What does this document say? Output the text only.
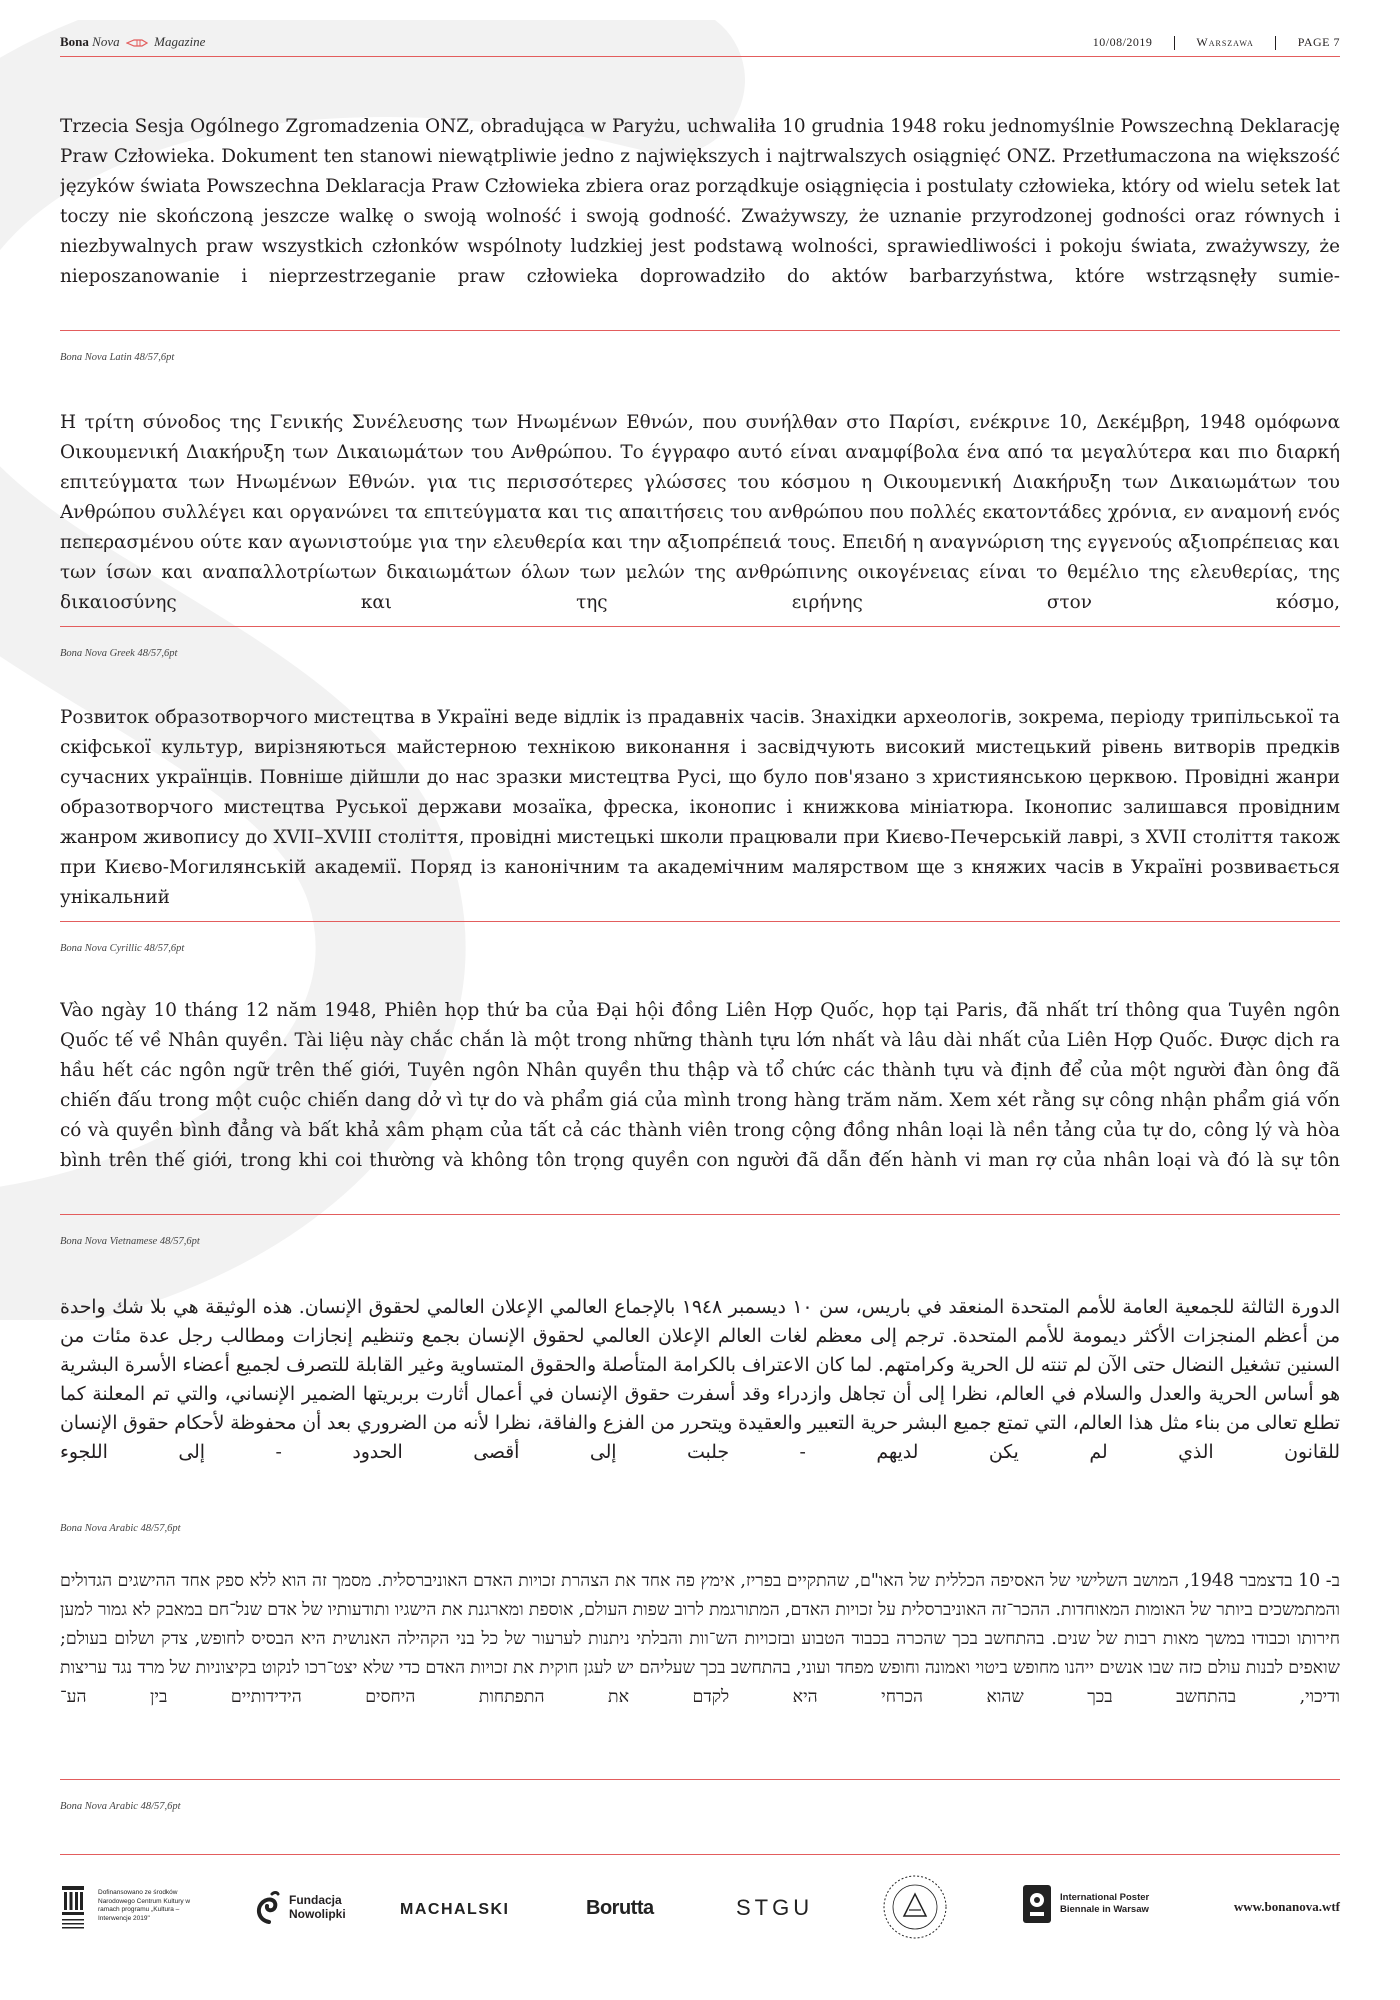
Bona Nova	Magazine	10/08/2019	Warszawa	PAGE 7

Trzecia Sesja Ogólnego Zgromadzenia ONZ, obradująca w Paryżu, uchwaliła 10 grudnia 1948 roku jednomyślnie Powszechną Deklarację Praw Człowieka. Dokument ten stanowi niewątpliwie jedno z największych i najtrwalszych osiągnięć ONZ. Przetłumaczona na większość języków świata Powszechna Deklaracja Praw Człowieka zbiera oraz porządkuje osiągnięcia i postulaty człowieka, który od wielu setek lat toczy nie skończoną jeszcze walkę o swoją wolność i swoją godność. Zważywszy, że uznanie przyrodzonej godności oraz równych i niezbywalnych praw wszystkich członków wspólnoty ludzkiej jest podstawą wolności, sprawiedliwości i pokoju świata, zważywszy, że nieposzanowanie i nieprzestrzeganie praw człowieka doprowadziło do aktów barbarzyństwa, które wstrząsnęły sumie-

Bona Nova Latin 48/57,6pt

Η τρίτη σύνοδος της Γενικής Συνέλευσης των Ηνωμένων Εθνών, που συνήλθαν στο Παρίσι, ενέκρινε 10, Δεκέμβρη, 1948 ομόφωνα Οικουμενική Διακήρυξη των Δικαιωμάτων του Ανθρώπου. Το έγγραφο αυτό είναι αναμφίβολα ένα από τα μεγαλύτερα και πιο διαρκή επιτεύγματα των Ηνωμένων Εθνών. για τις περισσότερες γλώσσες του κόσμου η Οικουμενική Διακήρυξη των Δικαιωμάτων του Ανθρώπου συλλέγει και οργανώνει τα επιτεύγματα και τις απαιτήσεις του ανθρώπου που πολλές εκατοντάδες χρόνια, εν αναμονή ενός πεπερασμένου ούτε καν αγωνιστούμε για την ελευθερία και την αξιοπρέπειά τους. Επειδή η αναγνώριση της εγγενούς αξιοπρέπειας και των ίσων και αναπαλλοτρίωτων δικαιωμάτων όλων των μελών της ανθρώπινης οικογένειας είναι το θεμέλιο της ελευθερίας, της δικαιοσύνης και της ειρήνης στον κόσμο,

Bona Nova Greek 48/57,6pt

Розвиток образотворчого мистецтва в Україні веде відлік із прадавніх часів. Знахідки археологів, зокрема, періоду трипільської та скіфської культур, вирізняються майстерною технікою виконання і засвідчують високий мистецький рівень витворів предків сучасних українців. Повніше дійшли до нас зразки мистецтва Русі, що було пов'язано з християнською церквою. Провідні жанри образотворчого мистецтва Руської держави мозаїка, фреска, іконопис і книжкова мініатюра. Іконопис залишався провідним жанром живопису до XVII–XVIII століття, провідні мистецькі школи працювали при Києво-Печерській лаврі, з XVII століття також при Києво-Могилянській академії. Поряд із канонічним та академічним малярством ще з княжих часів в Україні розвивається унікальний

Bona Nova Cyrillic 48/57,6pt

Vào ngày 10 tháng 12 năm 1948, Phiên họp thứ ba của Đại hội đồng Liên Hợp Quốc, họp tại Paris, đã nhất trí thông qua Tuyên ngôn Quốc tế về Nhân quyền. Tài liệu này chắc chắn là một trong những thành tựu lớn nhất và lâu dài nhất của Liên Hợp Quốc. Được dịch ra hầu hết các ngôn ngữ trên thế giới, Tuyên ngôn Nhân quyền thu thập và tổ chức các thành tựu và định để của một người đàn ông đã chiến đấu trong một cuộc chiến dang dở vì tự do và phẩm giá của mình trong hàng trăm năm. Xem xét rằng sự công nhận phẩm giá vốn có và quyền bình đẳng và bất khả xâm phạm của tất cả các thành viên trong cộng đồng nhân loại là nền tảng của tự do, công lý và hòa bình trên thế giới, trong khi coi thường và không tôn trọng quyền con người đã dẫn đến hành vi man rợ của nhân loại và đó là sự tôn

Bona Nova Vietnamese 48/57,6pt

الدورة الثالثة للجمعية العامة للأمم المتحدة المنعقد في باريس، سن ١٠ ديسمبر ١٩٤٨ بالإجماع العالمي الإعلان العالمي لحقوق الإنسان. هذه الوثيقة هي بلا شك واحدة من أعظم المنجزات الأكثر ديمومة للأمم المتحدة. ترجم إلى معظم لغات العالم الإعلان العالمي لحقوق الإنسان بجمع وتنظيم إنجازات ومطالب رجل عدة مئات من السنين تشغيل النضال حتى الآن لم تنته لل الحرية وكرامتهم. لما كان الاعتراف بالكرامة المتأصلة والحقوق المتساوية وغير القابلة للتصرف لجميع أعضاء الأسرة البشرية هو أساس الحرية والعدل والسلام في العالم، نظرا إلى أن تجاهل وازدراء وقد أسفرت حقوق الإنسان في أعمال أثارت بربريتها الضمير الإنساني، والتي تم المعلنة كما تطلع تعالى من بناء مثل هذا العالم، التي تمتع جميع البشر حرية التعبير والعقيدة ويتحرر من الفزع والفاقة، نظرا لأنه من الضروري بعد أن محفوظة لأحكام حقوق الإنسان للقانون الذي لم يكن لديهم - جلبت إلى أقصى الحدود - إلى اللجوء

Bona Nova Arabic 48/57,6pt

ב- 10 בדצמבר 1948, המושב השלישי של האסיפה הכללית של האו"ם, שהתקיים בפריז, אימץ פה אחד את הצהרת זכויות האדם האוניברסלית. מסמך זה הוא ללא ספק אחד ההישגים הגדולים והמתמשכים ביותר של האומות המאוחדות. ההכר־זה האוניברסלית על זכויות האדם, המתורגמת לרוב שפות העולם, אוספת ומארגנת את הישגיו ותודעותיו של אדם שנל־חם במאבק לא גמור למען חירותו וכבודו במשך מאות רבות של שנים. בהתחשב בכך שהכרה בכבוד הטבוע ובזכויות הש־וות והבלתי ניתנות לערעור של כל בני הקהילה האנושית היא הבסיס לחופש, צדק ושלום בעולם; שואפים לבנות עולם כזה שבו אנשים ייהנו מחופש ביטוי ואמונה וחופש מפחד ועוני, בהתחשב בכך שעליהם יש לעגן חוקית את זכויות האדם כדי שלא יצט־רכו לנקוט בקיצוניות של מרד נגד עריצות ודיכוי, בהתחשב בכך שהוא הכרחי היא לקדם את התפתחות היחסים הידידותיים בין הע־

Bona Nova Arabic 48/57,6pt
Dofinansowano ze środków Narodowego Centrum Kultury w ramach programu „Kultura – Interwencje 2019"
Fundacja
Nowolipki	MACHALSKI	Borutta	STGU	International Poster
Biennale in Warsaw	www.bonanova.wtf
